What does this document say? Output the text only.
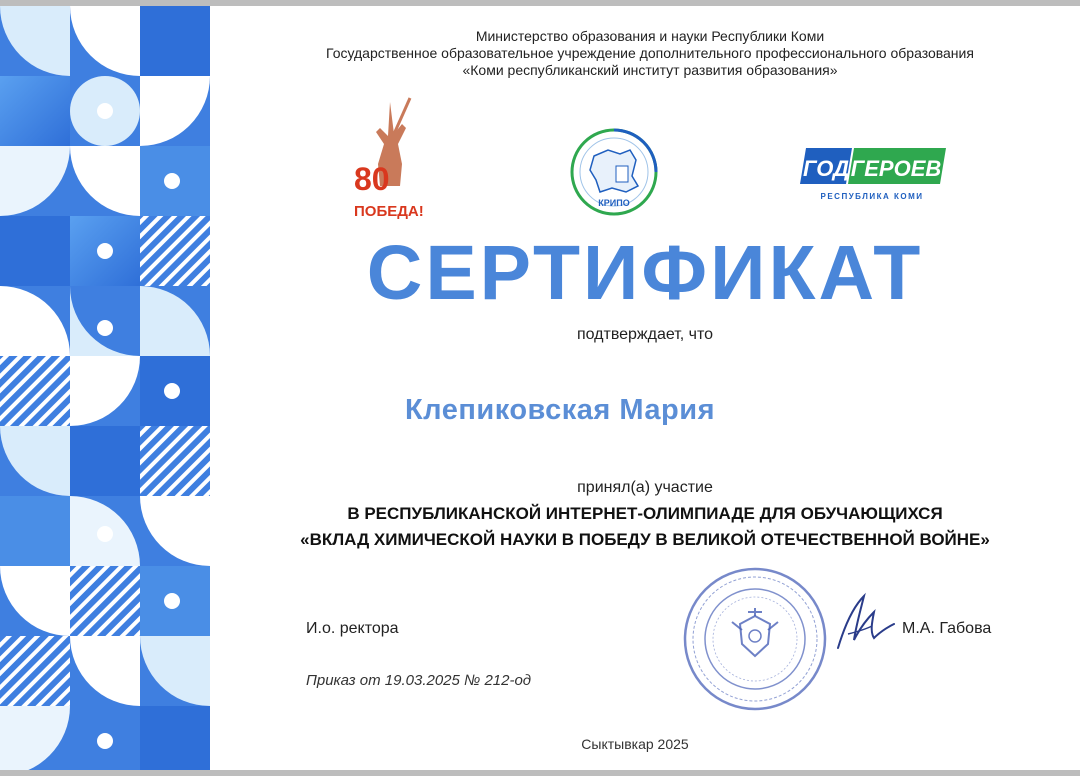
Министерство образования и науки Республики Коми
Государственное образовательное учреждение дополнительного профессионального образования
«Коми республиканский институт развития образования»
80
ПОБЕДА!	КРИПО
ГОД ГЕРОЕВ
РЕСПУБЛИКА КОМИ
СЕРТИФИКАТ
подтверждает, что
Клепиковская Мария
принял(а) участие
В РЕСПУБЛИКАНСКОЙ ИНТЕРНЕТ-ОЛИМПИАДЕ ДЛЯ ОБУЧАЮЩИХСЯ
«ВКЛАД ХИМИЧЕСКОЙ НАУКИ В ПОБЕДУ В ВЕЛИКОЙ ОТЕЧЕСТВЕННОЙ ВОЙНЕ»
И.о. ректора	М.А. Габова
Приказ от 19.03.2025 № 212-од
Сыктывкар 2025
